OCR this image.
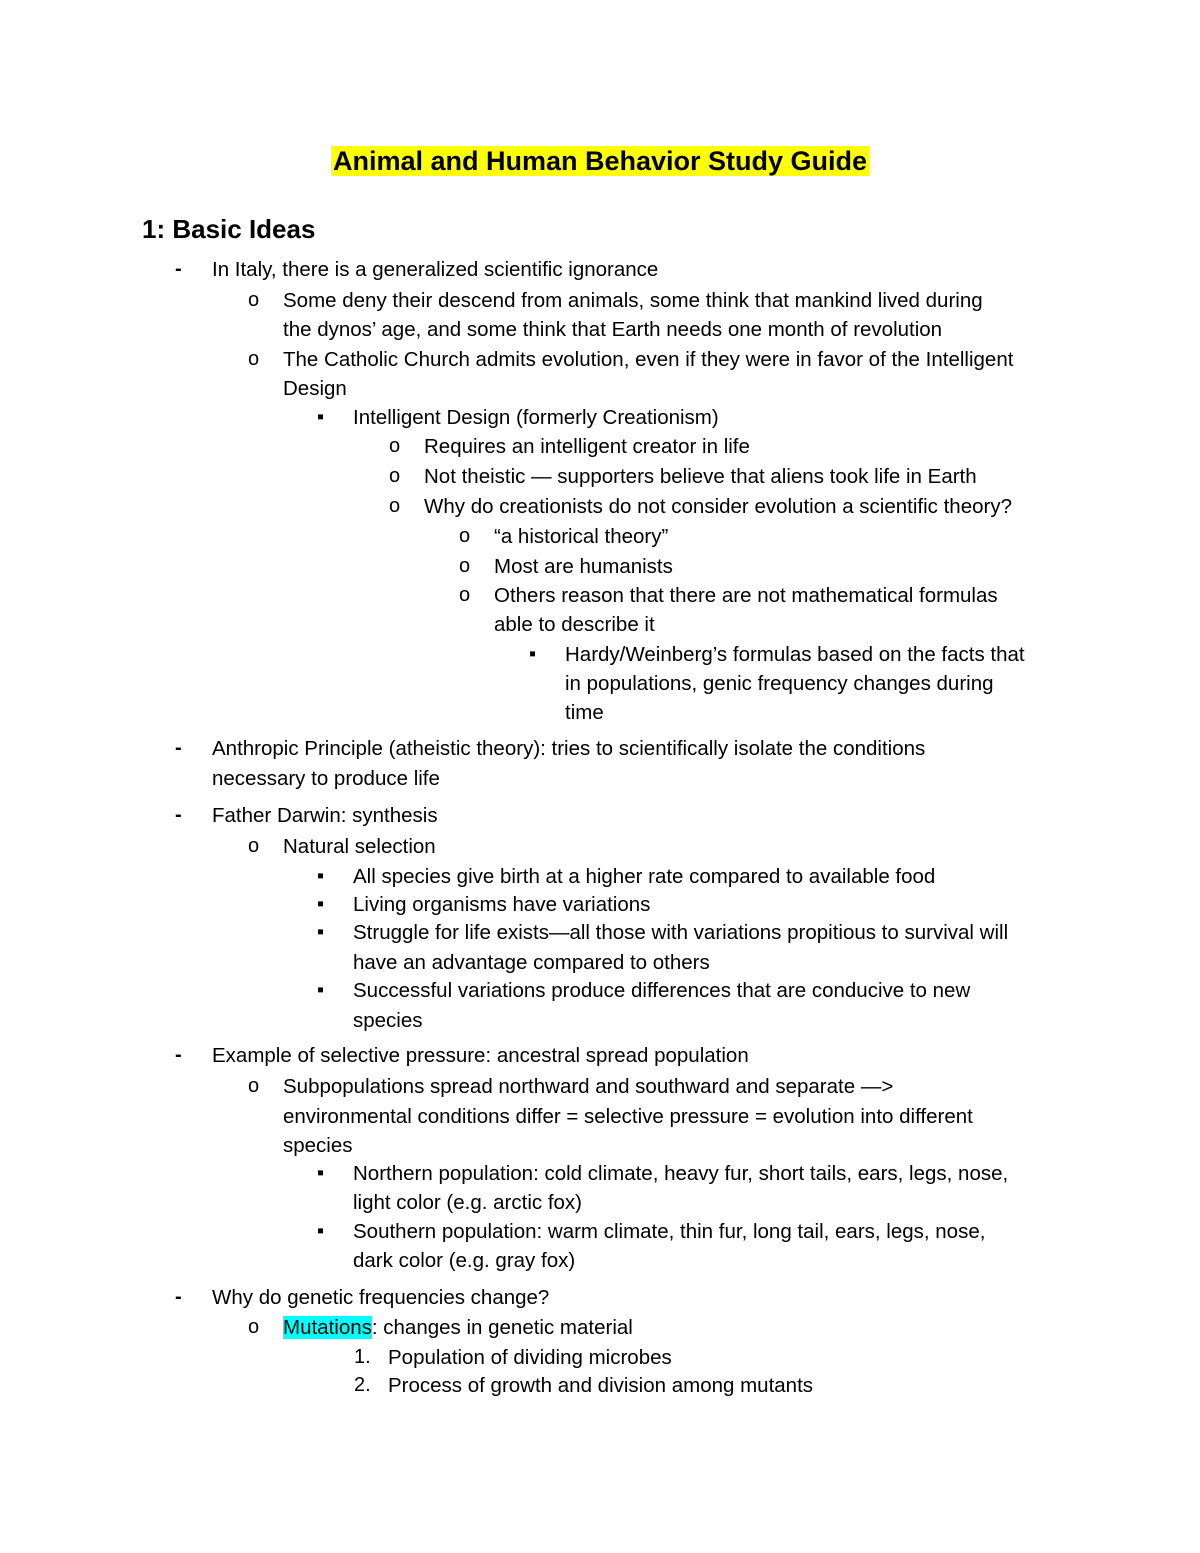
Animal and Human Behavior Study Guide
1: Basic Ideas
- In Italy, there is a generalized scientific ignorance
o Some deny their descend from animals, some think that mankind lived during
the dynos’ age, and some think that Earth needs one month of revolution
o The Catholic Church admits evolution, even if they were in favor of the Intelligent
Design
▪ Intelligent Design (formerly Creationism)
o Requires an intelligent creator in life
o Not theistic — supporters believe that aliens took life in Earth
o Why do creationists do not consider evolution a scientific theory?
o “a historical theory”
o Most are humanists
o Others reason that there are not mathematical formulas
able to describe it
▪ Hardy/Weinberg’s formulas based on the facts that
in populations, genic frequency changes during
time
- Anthropic Principle (atheistic theory): tries to scientifically isolate the conditions
necessary to produce life
- Father Darwin: synthesis
o Natural selection
▪ All species give birth at a higher rate compared to available food
▪ Living organisms have variations
▪ Struggle for life exists—all those with variations propitious to survival will
have an advantage compared to others
▪ Successful variations produce differences that are conducive to new
species
- Example of selective pressure: ancestral spread population
o Subpopulations spread northward and southward and separate —>
environmental conditions differ = selective pressure = evolution into different
species
▪ Northern population: cold climate, heavy fur, short tails, ears, legs, nose,
light color (e.g. arctic fox)
▪ Southern population: warm climate, thin fur, long tail, ears, legs, nose,
dark color (e.g. gray fox)
- Why do genetic frequencies change?
o Mutations: changes in genetic material
1. Population of dividing microbes
2. Process of growth and division among mutants
